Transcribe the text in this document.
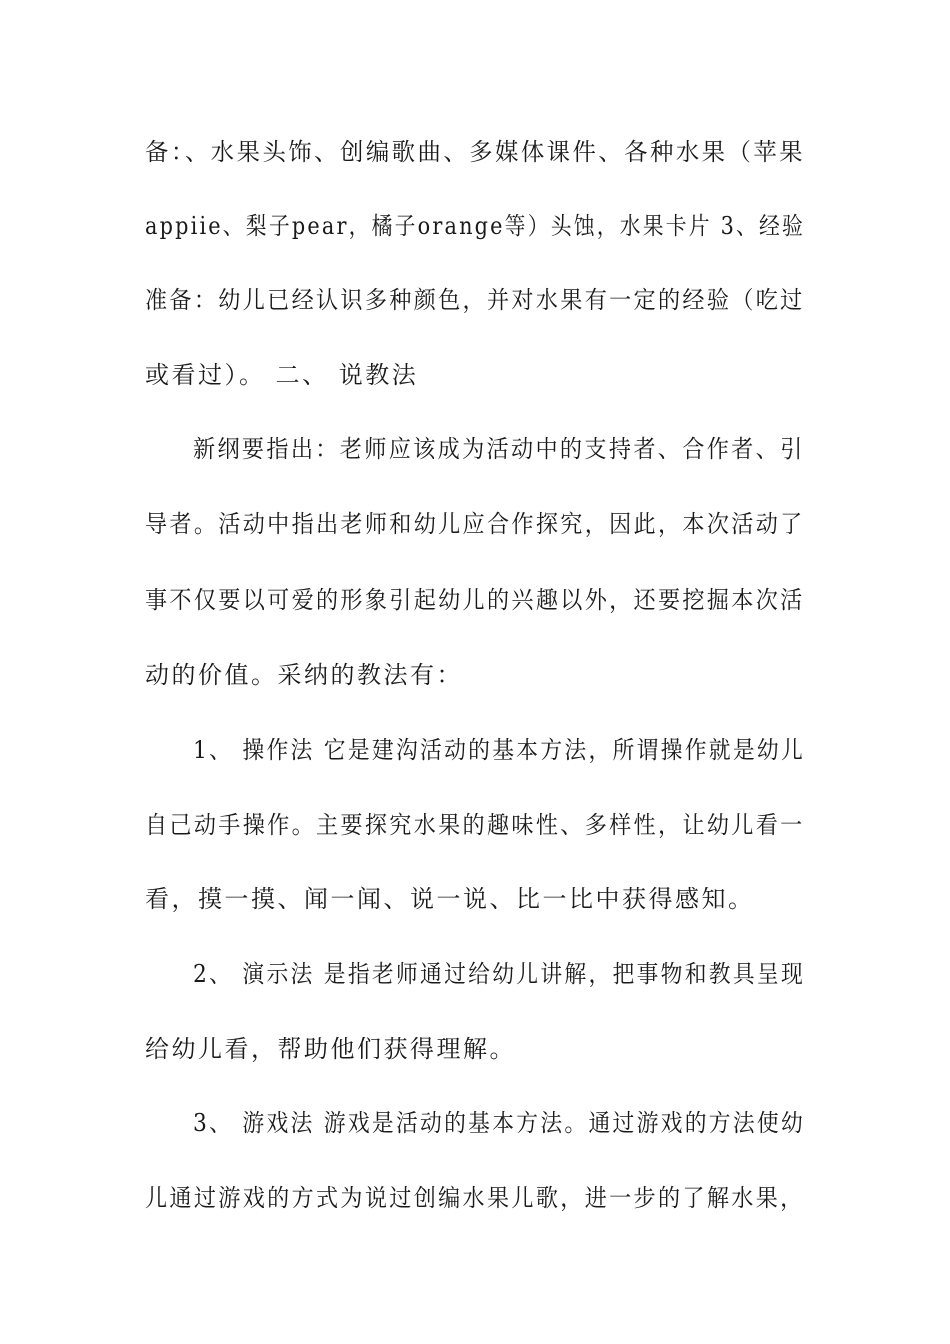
备：、水果头饰、创编歌曲、多媒体课件、各种水果（苹果
appiie、梨子pear，橘子orange等）头蚀，水果卡片 3、经验
准备：幼儿已经认识多种颜色，并对水果有一定的经验（吃过
或看过）。 二、 说教法
新纲要指出：老师应该成为活动中的支持者、合作者、引
导者。活动中指出老师和幼儿应合作探究，因此，本次活动了
事不仅要以可爱的形象引起幼儿的兴趣以外，还要挖掘本次活
动的价值。采纳的教法有：
1、 操作法 它是建沟活动的基本方法，所谓操作就是幼儿
自己动手操作。主要探究水果的趣味性、多样性，让幼儿看一
看，摸一摸、闻一闻、说一说、比一比中获得感知。
2、 演示法 是指老师通过给幼儿讲解，把事物和教具呈现
给幼儿看，帮助他们获得理解。
3、 游戏法 游戏是活动的基本方法。通过游戏的方法使幼
儿通过游戏的方式为说过创编水果儿歌，进一步的了解水果，
